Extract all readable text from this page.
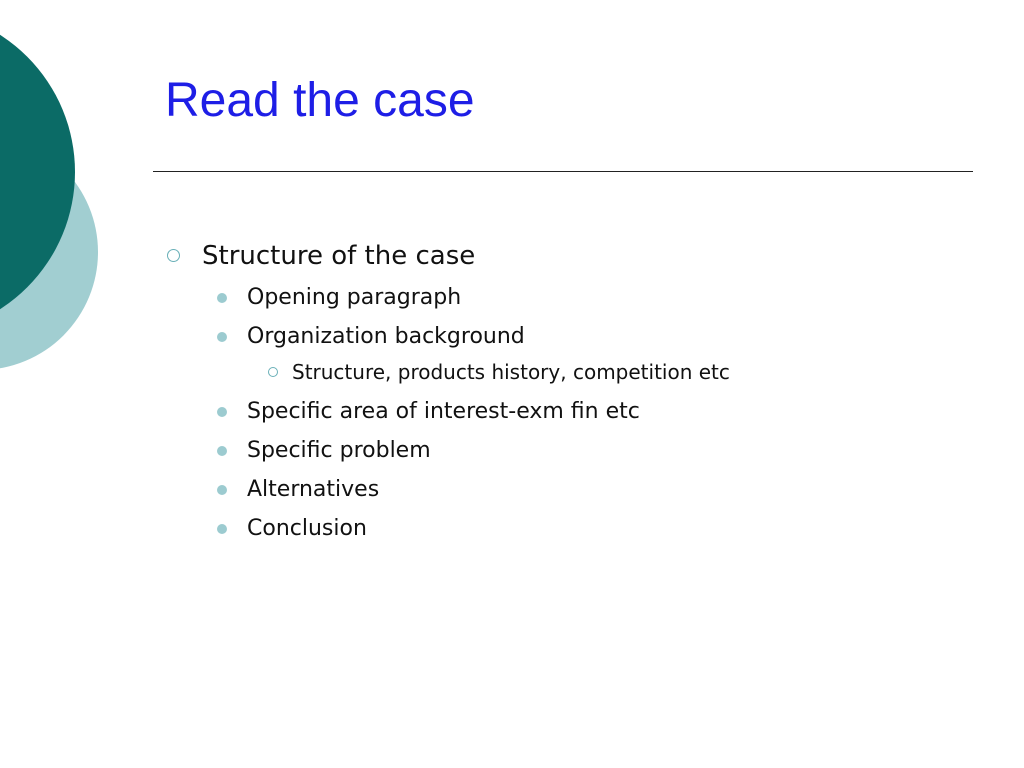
Read the case
Structure of the case
Opening paragraph
Organization background
Structure, products history, competition etc
Specific area of interest-exm fin etc
Specific problem
Alternatives
Conclusion
